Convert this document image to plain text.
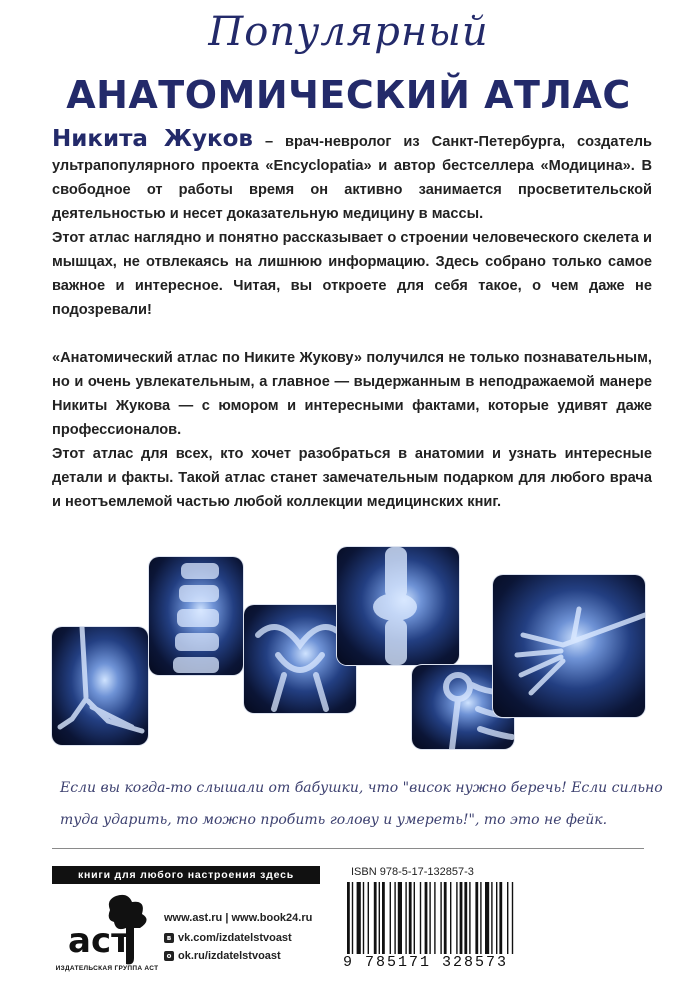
Популярный
АНАТОМИЧЕСКИЙ АТЛАС

Никита Жуков – врач-невролог из Санкт-Петербурга, создатель ультрапопулярного проекта «Encyclopatia» и автор бестселлера «Модицина». В свободное от работы время он активно занимается просветительской деятельностью и несет доказательную медицину в массы.

Этот атлас наглядно и понятно рассказывает о строении человеческого скелета и мышцах, не отвлекаясь на лишнюю информацию. Здесь собрано только самое важное и интересное. Читая, вы откроете для себя такое, о чем даже не подозревали!

«Анатомический атлас по Никите Жукову» получился не только познавательным, но и очень увлекательным, а главное — выдержанным в неподражаемой манере Никиты Жукова — с юмором и интересными фактами, которые удивят даже профессионалов.

Этот атлас для всех, кто хочет разобраться в анатомии и узнать интересные детали и факты. Такой атлас станет замечательным подарком для любого врача и неотъемлемой частью любой коллекции медицинских книг.

Если вы когда-то слышали от бабушки, что "висок нужно беречь! Если сильно туда ударить, то можно пробить голову и умереть!", то это не фейк.
книги для любого настроения здесь
аст
ИЗДАТЕЛЬСКАЯ ГРУППА АСТ
www.ast.ru | www.book24.ru
в vk.com/izdatelstvoast
о ok.ru/izdatelstvoast
ISBN 978-5-17-132857-3
9 785171 328573
